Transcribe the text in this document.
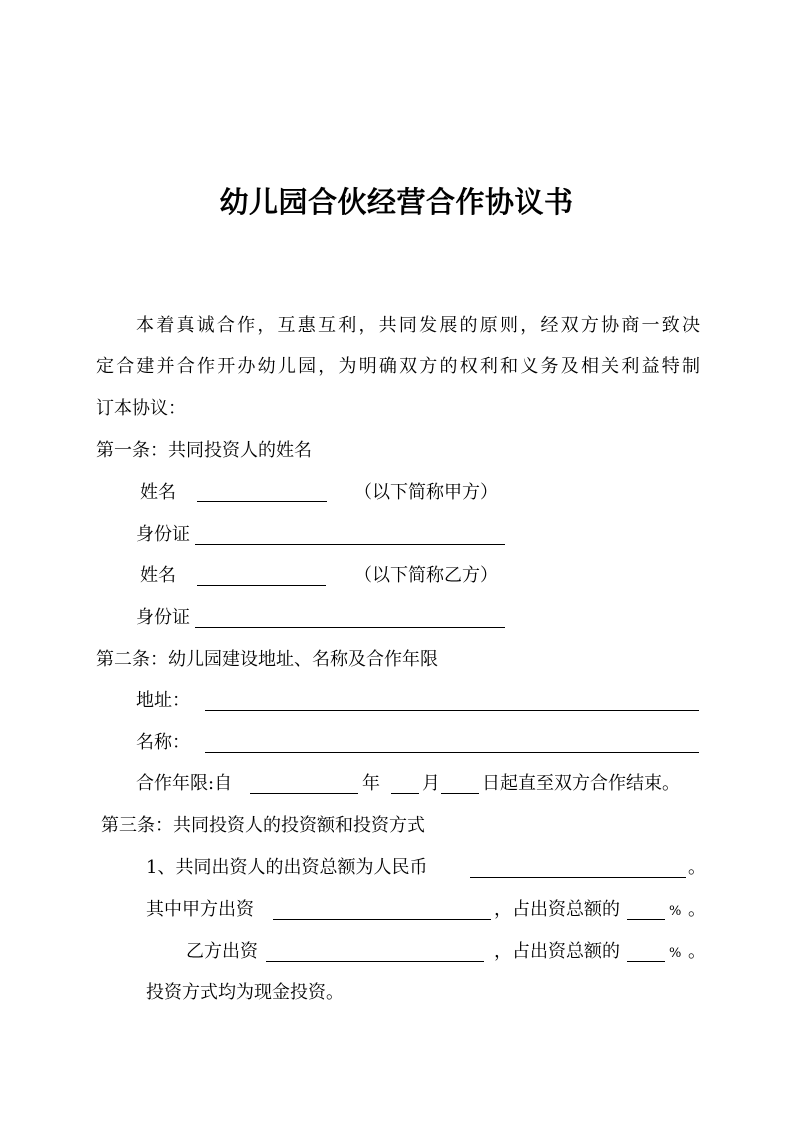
幼儿园合伙经营合作协议书
本着真诚合作，互惠互利，共同发展的原则，经双方协商一致决
定合建并合作开办幼儿园，为明确双方的权利和义务及相关利益特制
订本协议：
第一条：共同投资人的姓名
姓名	（以下简称甲方）
身份证
姓名	（以下简称乙方）
身份证
第二条：幼儿园建设地址、名称及合作年限
地址：
名称：
合作年限:自	年 月 日起直至双方合作结束。
第三条：共同投资人的投资额和投资方式
1、共同出资人的出资总额为人民币	。
其中甲方出资	，占出资总额的	% 。
乙方出资	，占出资总额的	% 。
投资方式均为现金投资。
